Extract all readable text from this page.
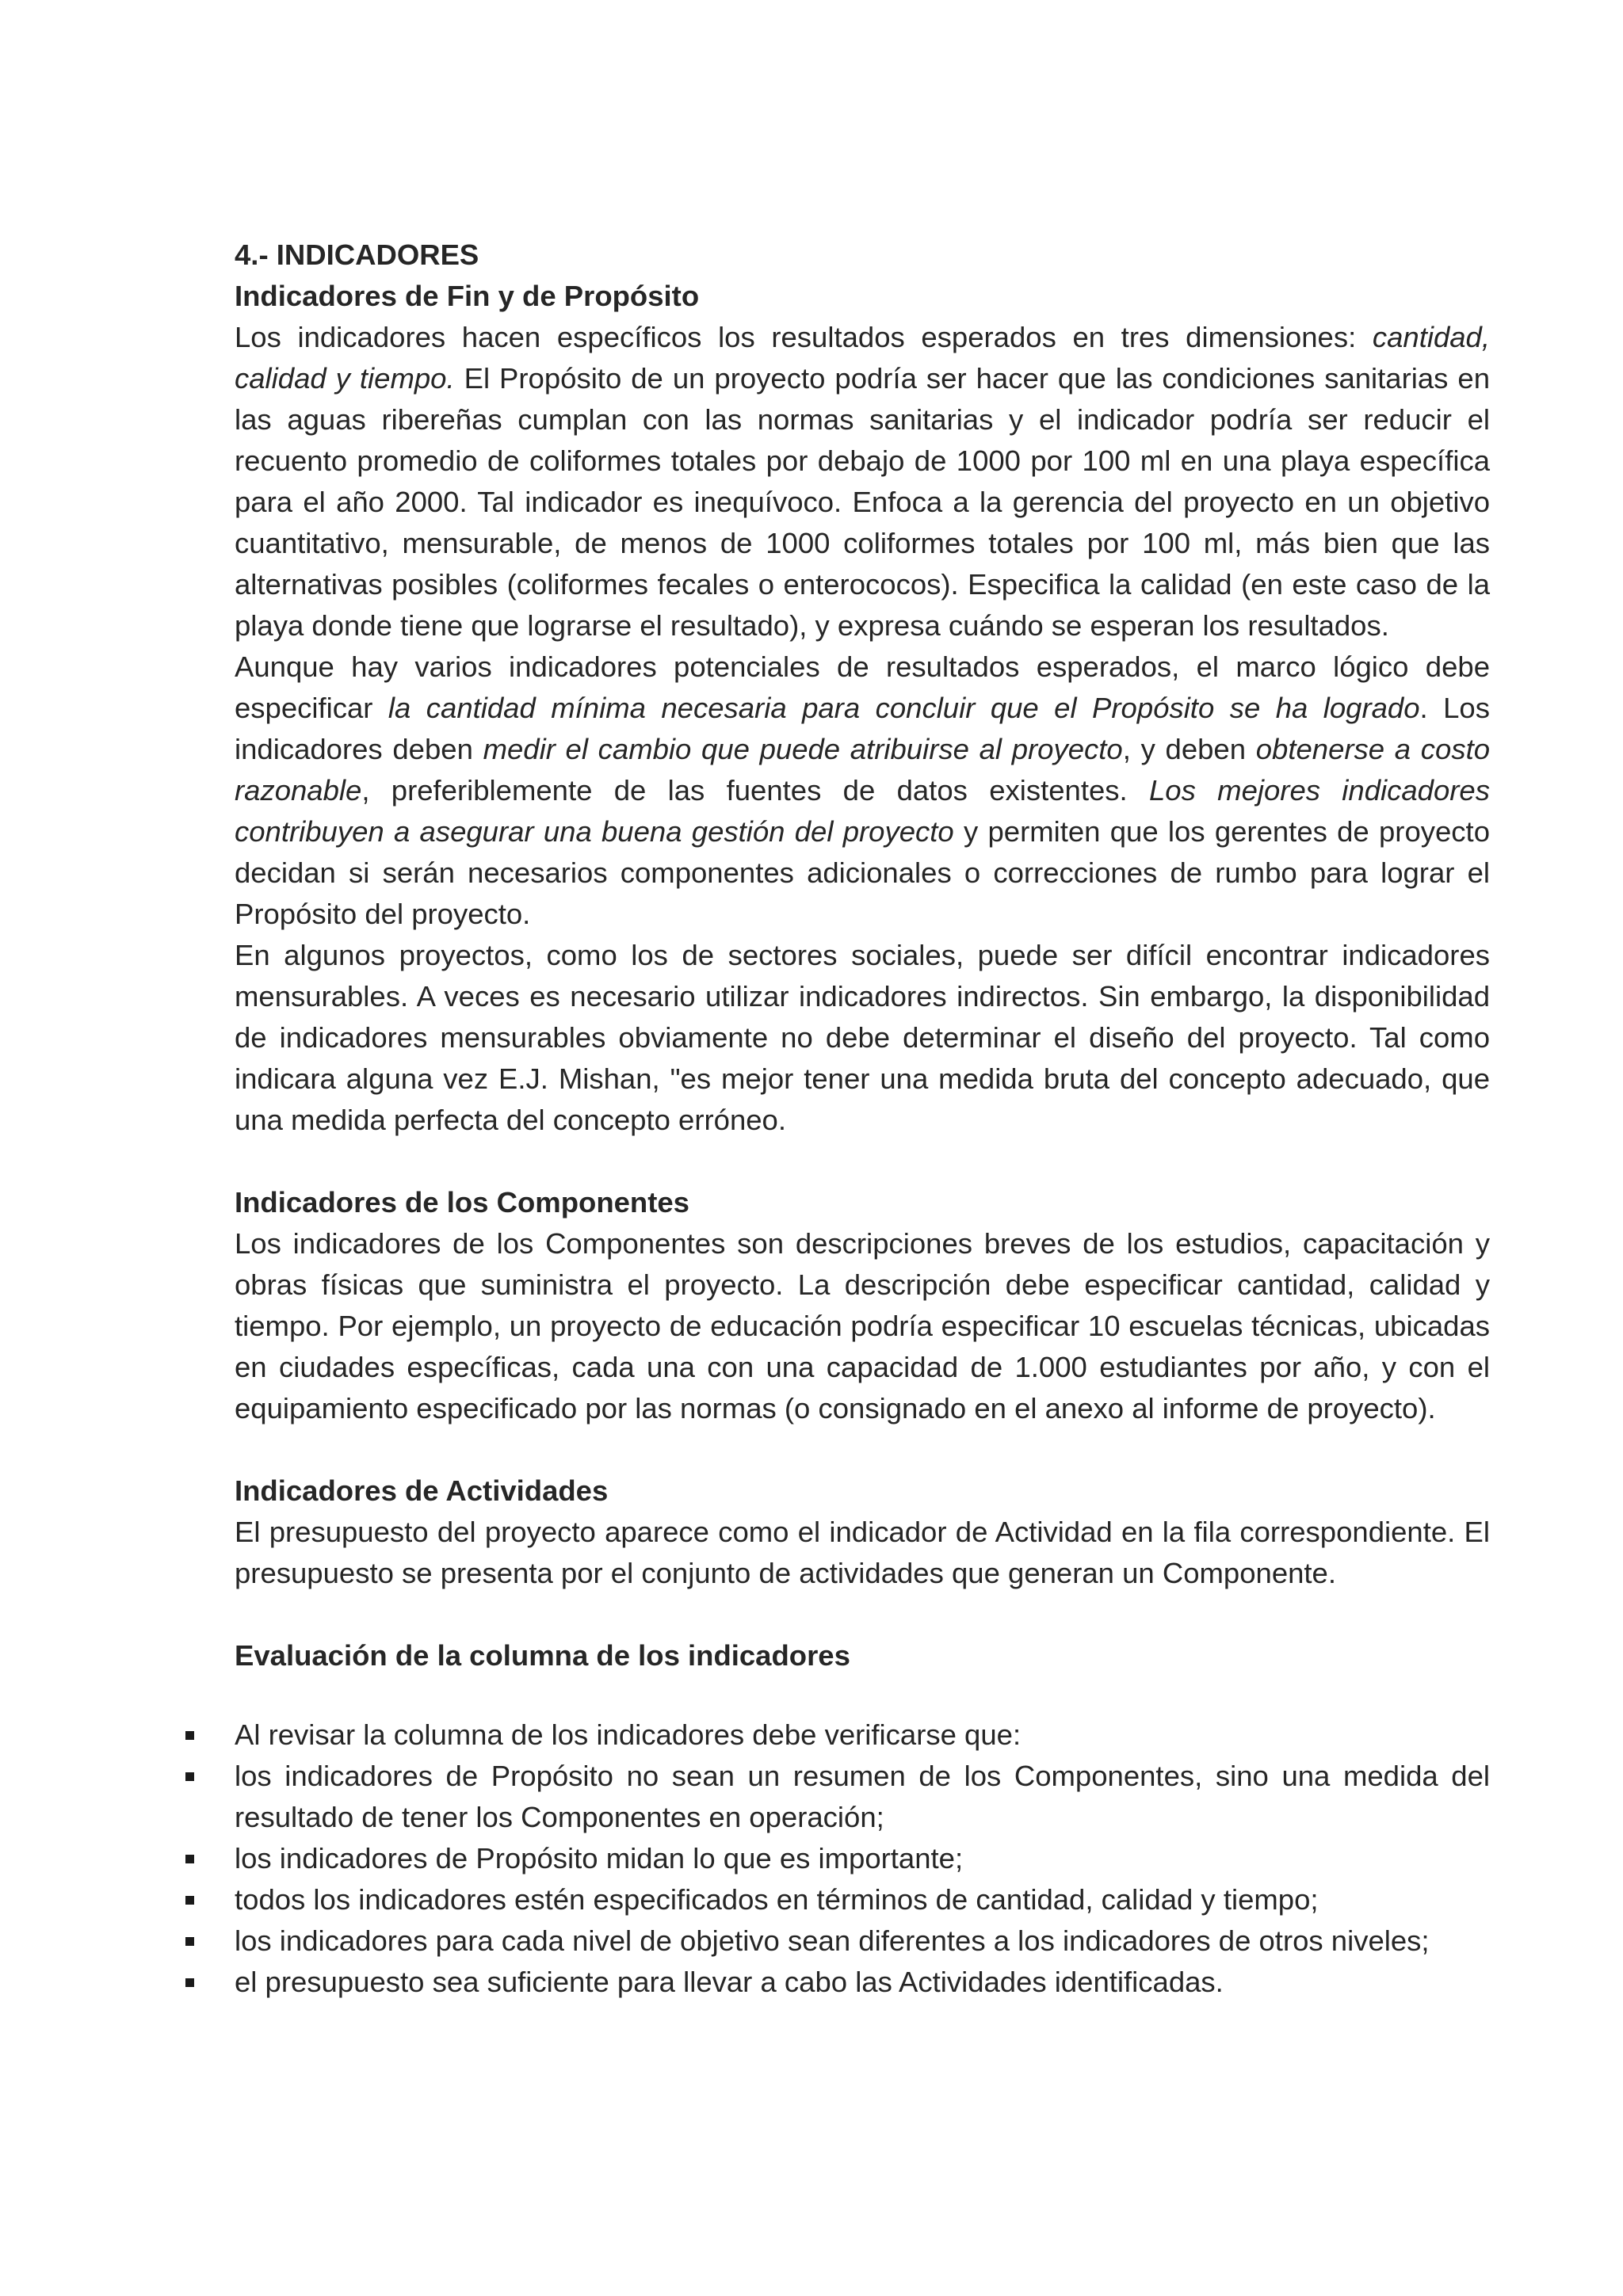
4.- INDICADORES

Indicadores de Fin y de Propósito

Los indicadores hacen específicos los resultados esperados en tres dimensiones: cantidad, calidad y tiempo. El Propósito de un proyecto podría ser hacer que las condiciones sanitarias en las aguas ribereñas cumplan con las normas sanitarias y el indicador podría ser reducir el recuento promedio de coliformes totales por debajo de 1000 por 100 ml en una playa específica para el año 2000. Tal indicador es inequívoco. Enfoca a la gerencia del proyecto en un objetivo cuantitativo, mensurable, de menos de 1000 coliformes totales por 100 ml, más bien que las alternativas posibles (coliformes fecales o enterococos). Especifica la calidad (en este caso de la playa donde tiene que lograrse el resultado), y expresa cuándo se esperan los resultados.

Aunque hay varios indicadores potenciales de resultados esperados, el marco lógico debe especificar la cantidad mínima necesaria para concluir que el Propósito se ha logrado. Los indicadores deben medir el cambio que puede atribuirse al proyecto, y deben obtenerse a costo razonable, preferiblemente de las fuentes de datos existentes. Los mejores indicadores contribuyen a asegurar una buena gestión del proyecto y permiten que los gerentes de proyecto decidan si serán necesarios componentes adicionales o correcciones de rumbo para lograr el Propósito del proyecto.

En algunos proyectos, como los de sectores sociales, puede ser difícil encontrar indicadores mensurables. A veces es necesario utilizar indicadores indirectos. Sin embargo, la disponibilidad de indicadores mensurables obviamente no debe determinar el diseño del proyecto. Tal como indicara alguna vez E.J. Mishan, "es mejor tener una medida bruta del concepto adecuado, que una medida perfecta del concepto erróneo.

Indicadores de los Componentes

Los indicadores de los Componentes son descripciones breves de los estudios, capacitación y obras físicas que suministra el proyecto. La descripción debe especificar cantidad, calidad y tiempo. Por ejemplo, un proyecto de educación podría especificar 10 escuelas técnicas, ubicadas en ciudades específicas, cada una con una capacidad de 1.000 estudiantes por año, y con el equipamiento especificado por las normas (o consignado en el anexo al informe de proyecto).

Indicadores de Actividades

El presupuesto del proyecto aparece como el indicador de Actividad en la fila correspondiente. El presupuesto se presenta por el conjunto de actividades que generan un Componente.

Evaluación de la columna de los indicadores

Al revisar la columna de los indicadores debe verificarse que:
los indicadores de Propósito no sean un resumen de los Componentes, sino una medida del resultado de tener los Componentes en operación;
los indicadores de Propósito midan lo que es importante;
todos los indicadores estén especificados en términos de cantidad, calidad y tiempo;
los indicadores para cada nivel de objetivo sean diferentes a los indicadores de otros niveles;
el presupuesto sea suficiente para llevar a cabo las Actividades identificadas.
